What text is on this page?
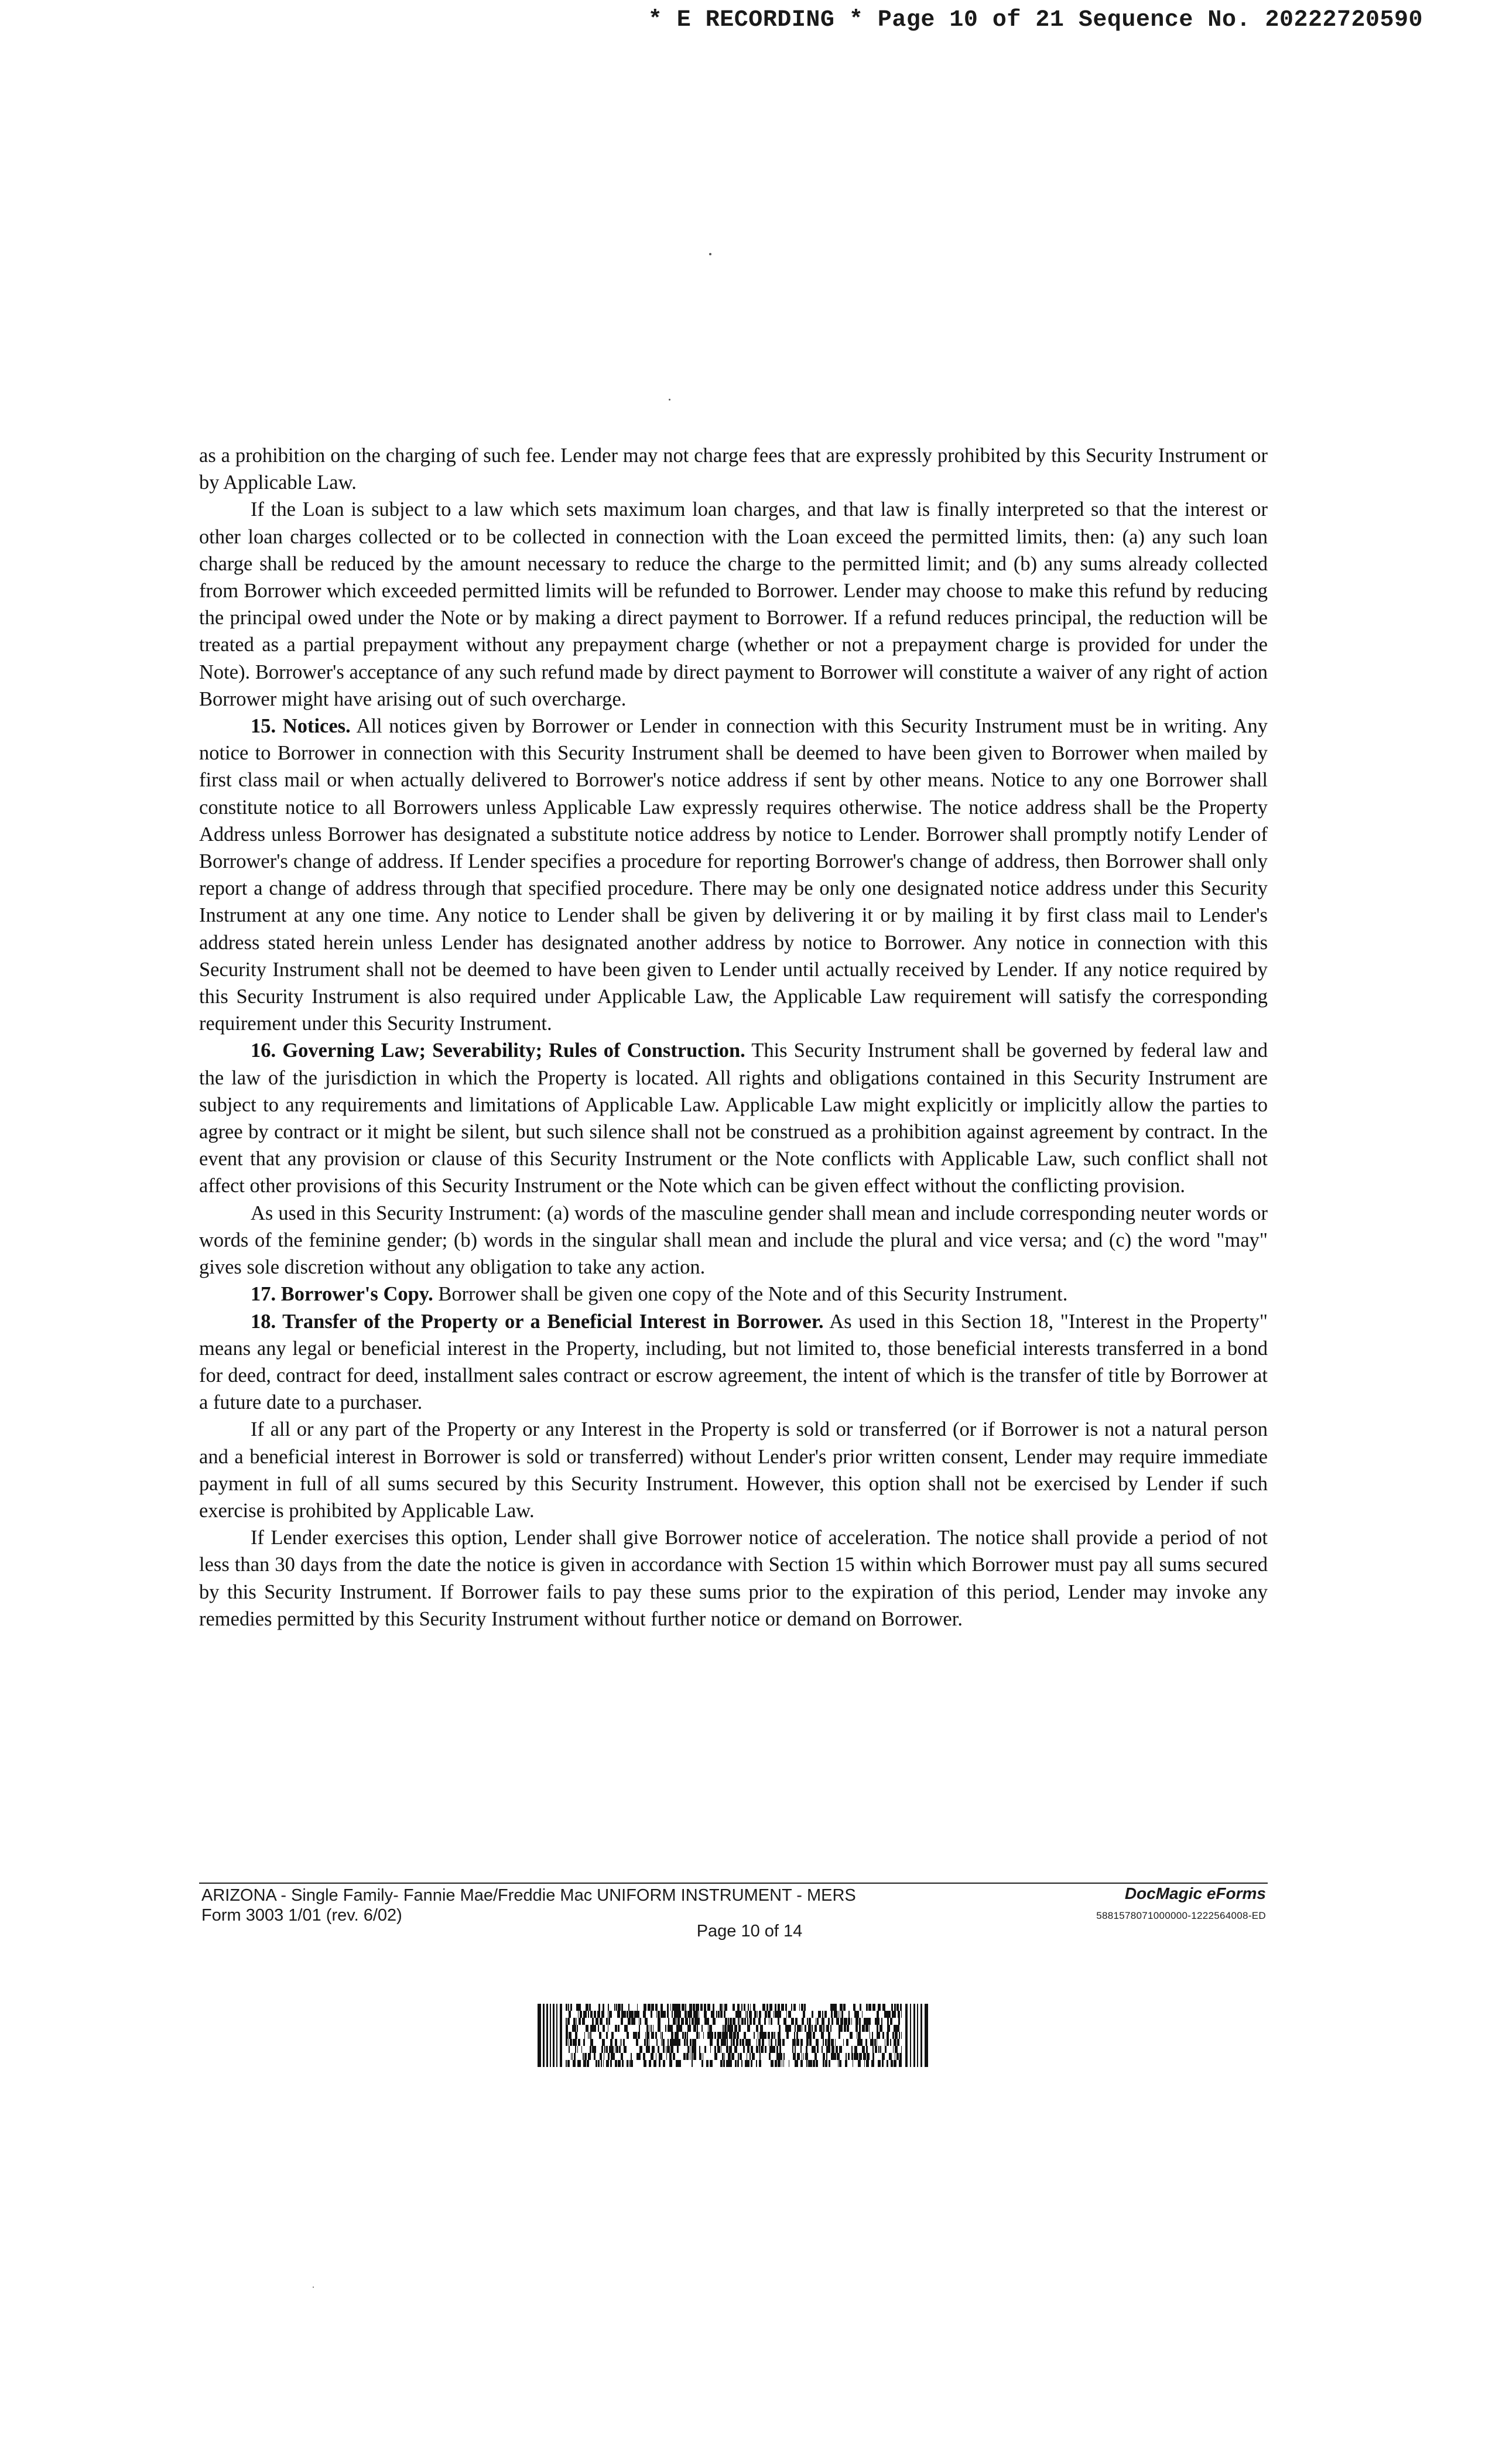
* E RECORDING * Page 10 of 21 Sequence No. 20222720590

as a prohibition on the charging of such fee. Lender may not charge fees that are expressly prohibited by this Security Instrument or by Applicable Law.

If the Loan is subject to a law which sets maximum loan charges, and that law is finally interpreted so that the interest or other loan charges collected or to be collected in connection with the Loan exceed the permitted limits, then: (a) any such loan charge shall be reduced by the amount necessary to reduce the charge to the permitted limit; and (b) any sums already collected from Borrower which exceeded permitted limits will be refunded to Borrower. Lender may choose to make this refund by reducing the principal owed under the Note or by making a direct payment to Borrower. If a refund reduces principal, the reduction will be treated as a partial prepayment without any prepayment charge (whether or not a prepayment charge is provided for under the Note). Borrower's acceptance of any such refund made by direct payment to Borrower will constitute a waiver of any right of action Borrower might have arising out of such overcharge.

15. Notices. All notices given by Borrower or Lender in connection with this Security Instrument must be in writing. Any notice to Borrower in connection with this Security Instrument shall be deemed to have been given to Borrower when mailed by first class mail or when actually delivered to Borrower's notice address if sent by other means. Notice to any one Borrower shall constitute notice to all Borrowers unless Applicable Law expressly requires otherwise. The notice address shall be the Property Address unless Borrower has designated a substitute notice address by notice to Lender. Borrower shall promptly notify Lender of Borrower's change of address. If Lender specifies a procedure for reporting Borrower's change of address, then Borrower shall only report a change of address through that specified procedure. There may be only one designated notice address under this Security Instrument at any one time. Any notice to Lender shall be given by delivering it or by mailing it by first class mail to Lender's address stated herein unless Lender has designated another address by notice to Borrower. Any notice in connection with this Security Instrument shall not be deemed to have been given to Lender until actually received by Lender. If any notice required by this Security Instrument is also required under Applicable Law, the Applicable Law requirement will satisfy the corresponding requirement under this Security Instrument.

16. Governing Law; Severability; Rules of Construction. This Security Instrument shall be governed by federal law and the law of the jurisdiction in which the Property is located. All rights and obligations contained in this Security Instrument are subject to any requirements and limitations of Applicable Law. Applicable Law might explicitly or implicitly allow the parties to agree by contract or it might be silent, but such silence shall not be construed as a prohibition against agreement by contract. In the event that any provision or clause of this Security Instrument or the Note conflicts with Applicable Law, such conflict shall not affect other provisions of this Security Instrument or the Note which can be given effect without the conflicting provision.

As used in this Security Instrument: (a) words of the masculine gender shall mean and include corresponding neuter words or words of the feminine gender; (b) words in the singular shall mean and include the plural and vice versa; and (c) the word "may" gives sole discretion without any obligation to take any action.

17. Borrower's Copy. Borrower shall be given one copy of the Note and of this Security Instrument.

18. Transfer of the Property or a Beneficial Interest in Borrower. As used in this Section 18, "Interest in the Property" means any legal or beneficial interest in the Property, including, but not limited to, those beneficial interests transferred in a bond for deed, contract for deed, installment sales contract or escrow agreement, the intent of which is the transfer of title by Borrower at a future date to a purchaser.

If all or any part of the Property or any Interest in the Property is sold or transferred (or if Borrower is not a natural person and a beneficial interest in Borrower is sold or transferred) without Lender's prior written consent, Lender may require immediate payment in full of all sums secured by this Security Instrument. However, this option shall not be exercised by Lender if such exercise is prohibited by Applicable Law.

If Lender exercises this option, Lender shall give Borrower notice of acceleration. The notice shall provide a period of not less than 30 days from the date the notice is given in accordance with Section 15 within which Borrower must pay all sums secured by this Security Instrument. If Borrower fails to pay these sums prior to the expiration of this period, Lender may invoke any remedies permitted by this Security Instrument without further notice or demand on Borrower.

ARIZONA - Single Family- Fannie Mae/Freddie Mac UNIFORM INSTRUMENT - MERS
Form 3003 1/01 (rev. 6/02)
Page 10 of 14
DocMagic eForms
5881578071000000-1222564008-ED
